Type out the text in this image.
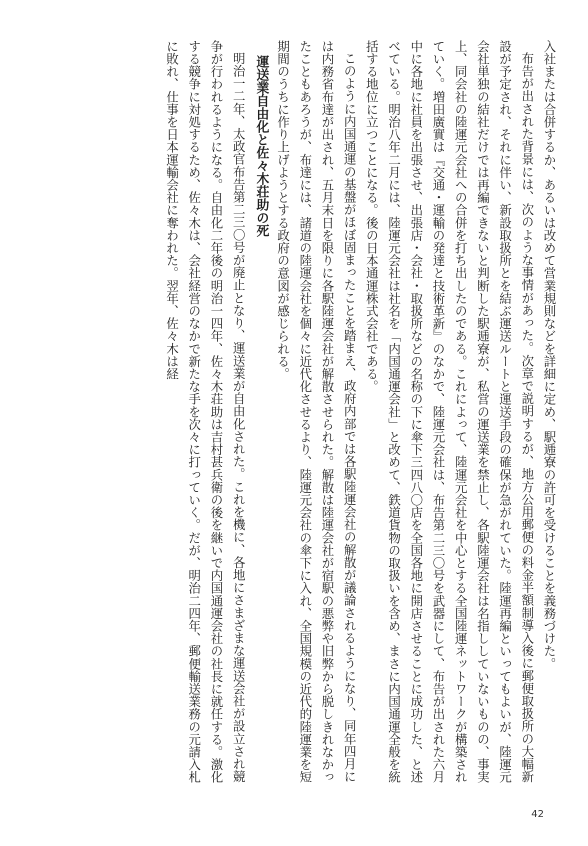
入社または合併するか、あるいは改めて営業規則などを詳細に定め、駅逓寮の許可を受けることを義務づけた。

布告が出された背景には、次のような事情があった。次章で説明するが、地方公用郵便の料金半額制導入後に郵便取扱所の大幅新設が予定され、それに伴い、新設取扱所とを結ぶ運送ルートと運送手段の確保が急がれていた。陸運再編といってもよいが、陸運元会社単独の結社だけでは再編できないと判断した駅逓寮が、私営の運送業を禁止し、各駅陸運会社は名指ししていないものの、事実上、同会社の陸運元会社への合併を打ち出したのである。これによって、陸運元会社を中心とする全国陸運ネットワークが構築されていく。増田廣實は『交通・運輸の発達と技術革新』のなかで、陸運元会社は、布告第二三〇号を武器にして、布告が出された六月中に各地に社員を出張させ、出張店・会社・取扱所などの名称の下に傘下三四八〇店を全国各地に開店させることに成功した、と述べている。明治八年二月には、陸運元会社は社名を「内国通運会社」と改めて、鉄道貨物の取扱いを含め、まさに内国通運全般を統括する地位に立つことになる。後の日本通運株式会社である。

このように内国通運の基盤がほぼ固まったことを踏まえ、政府内部では各駅陸運会社の解散が議論されるようになり、同年四月には内務省布達が出され、五月末日を限りに各駅陸運会社が解散させられた。解散は陸運会社が宿駅の悪弊や旧弊から脱しきれなかったこともあろうが、布達には、諸道の陸運会社を個々に近代化させるより、陸運元会社の傘下に入れ、全国規模の近代的陸運業を短期間のうちに作り上げようとする政府の意図が感じられる。

運送業自由化と佐々木荘助の死

明治一二年、太政官布告第二三〇号が廃止となり、運送業が自由化された。これを機に、各地にさまざまな運送会社が設立され競争が行われるようになる。自由化二年後の明治一四年、佐々木荘助は吉村甚兵衛の後を継いで内国通運会社の社長に就任する。激化する競争に対処するため、佐々木は、会社経営のなかで新たな手を次々に打っていく。だが、明治二四年、郵便輸送業務の元請入札に敗れ、仕事を日本運輸会社に奪われた。翌年、佐々木は経

42
